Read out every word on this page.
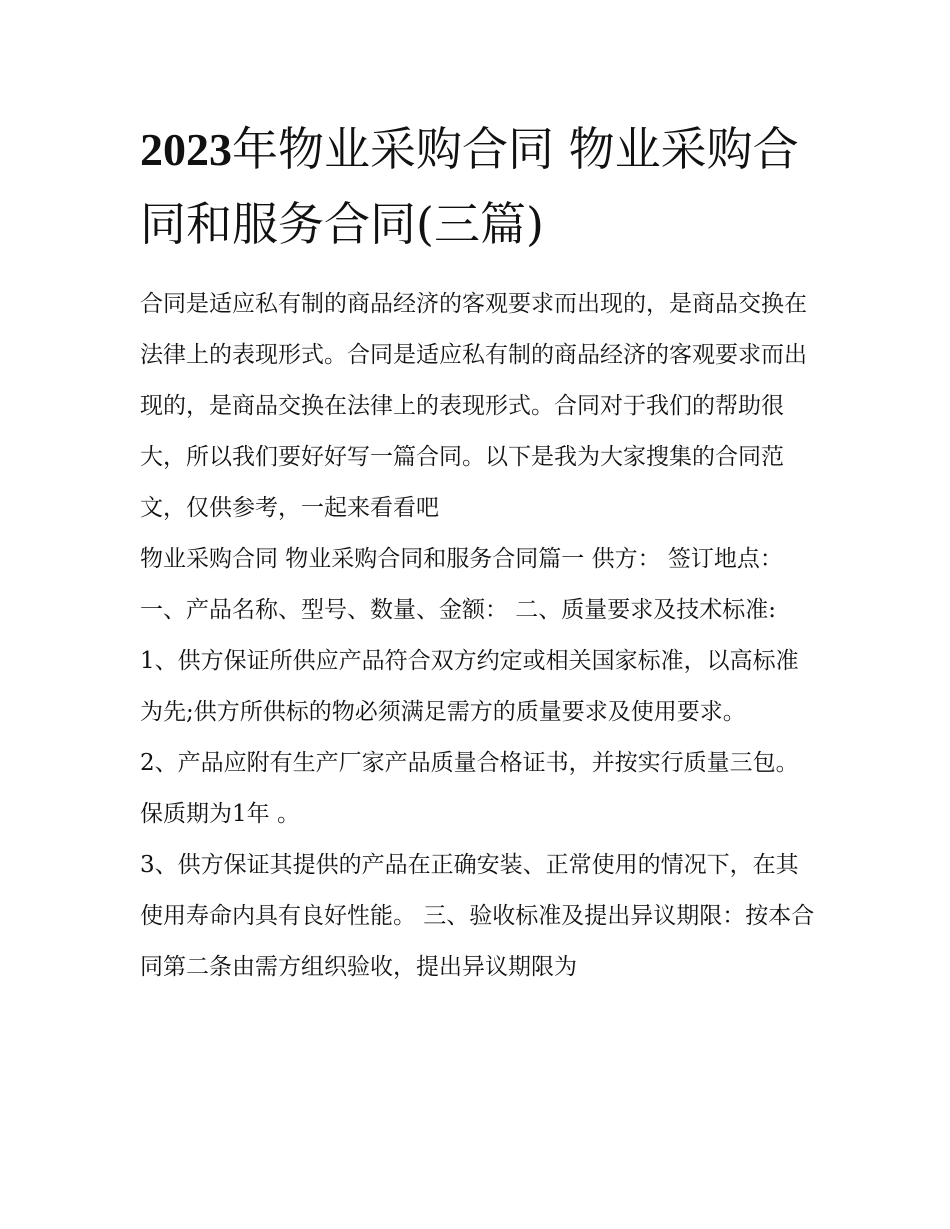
2023年物业采购合同 物业采购合同和服务合同(三篇)

合同是适应私有制的商品经济的客观要求而出现的，是商品交换在法律上的表现形式。合同是适应私有制的商品经济的客观要求而出现的，是商品交换在法律上的表现形式。合同对于我们的帮助很大，所以我们要好好写一篇合同。以下是我为大家搜集的合同范文，仅供参考，一起来看看吧

物业采购合同 物业采购合同和服务合同篇一 供方： 签订地点： 一、产品名称、型号、数量、金额： 二、质量要求及技术标准:

1、供方保证所供应产品符合双方约定或相关国家标准，以高标准为先;供方所供标的物必须满足需方的质量要求及使用要求。

2、产品应附有生产厂家产品质量合格证书，并按实行质量三包。保质期为1年 。

3、供方保证其提供的产品在正确安装、正常使用的情况下，在其使用寿命内具有良好性能。 三、验收标准及提出异议期限：按本合同第二条由需方组织验收，提出异议期限为
